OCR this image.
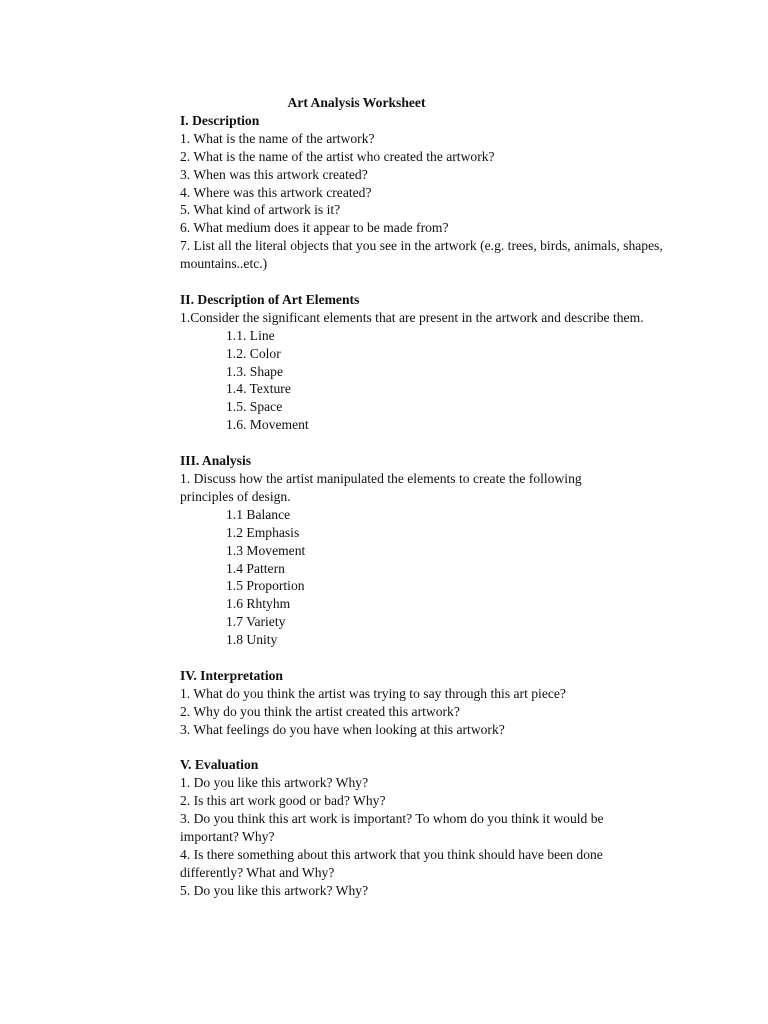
Art Analysis Worksheet
I. Description
1. What is the name of the artwork?
2. What is the name of the artist who created the artwork?
3. When was this artwork created?
4. Where was this artwork created?
5. What kind of artwork is it?
6. What medium does it appear to be made from?
7. List all the literal objects that you see in the artwork (e.g. trees, birds, animals, shapes, mountains..etc.)
II. Description of Art Elements
1.Consider the significant elements that are present in the artwork and describe them.
1.1. Line
1.2. Color
1.3. Shape
1.4. Texture
1.5. Space
1.6. Movement
III. Analysis
1. Discuss how the artist manipulated the elements to create the following principles of design.
1.1 Balance
1.2 Emphasis
1.3 Movement
1.4 Pattern
1.5 Proportion
1.6 Rhtyhm
1.7 Variety
1.8 Unity
IV. Interpretation
1. What do you think the artist was trying to say through this art piece?
2. Why do you think the artist created this artwork?
3. What feelings do you have when looking at this artwork?
V. Evaluation
1. Do you like this artwork? Why?
2. Is this art work good or bad? Why?
3. Do you think this art work is important? To whom do you think it would be important? Why?
4. Is there something about this artwork that you think should have been done differently? What and Why?
5. Do you like this artwork? Why?
